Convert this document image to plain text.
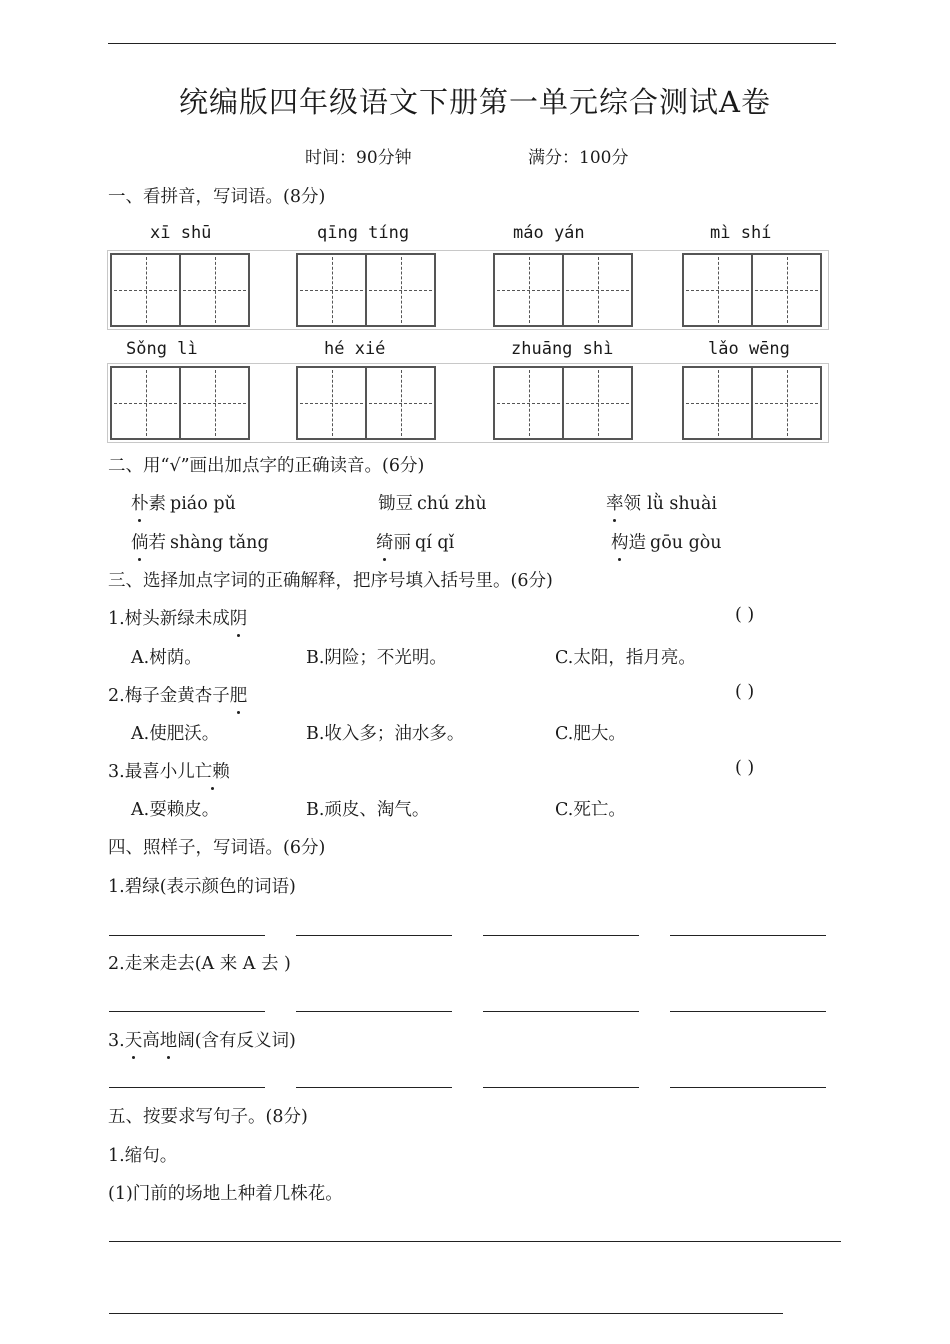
统编版四年级语文下册第一单元综合测试A卷
时间：90分钟	满分：100分
一、看拼音，写词语。(8分)
xī shū	qīng tíng	máo yán	mì shí
Sǒng lì	hé xié	zhuāng shì	lǎo wēng
二、用“√”画出加点字的正确读音。(6分)
朴素 piáo pǔ	锄豆 chú zhù	率领 lǜ shuài
倘若 shàng tǎng	绮丽 qí qǐ	构造 gōu gòu
三、选择加点字词的正确解释，把序号填入括号里。(6分)
1.树头新绿未成阴	( )
A.树荫。	B.阴险；不光明。	C.太阳，指月亮。
2.梅子金黄杏子肥	( )
A.使肥沃。	B.收入多；油水多。	C.肥大。
3.最喜小儿亡赖	( )
A.耍赖皮。	B.顽皮、淘气。	C.死亡。
四、照样子，写词语。(6分)
1.碧绿(表示颜色的词语)
2.走来走去(A 来 A 去 )
3.天高地阔(含有反义词)
五、按要求写句子。(8分)
1.缩句。
(1)门前的场地上种着几株花。
